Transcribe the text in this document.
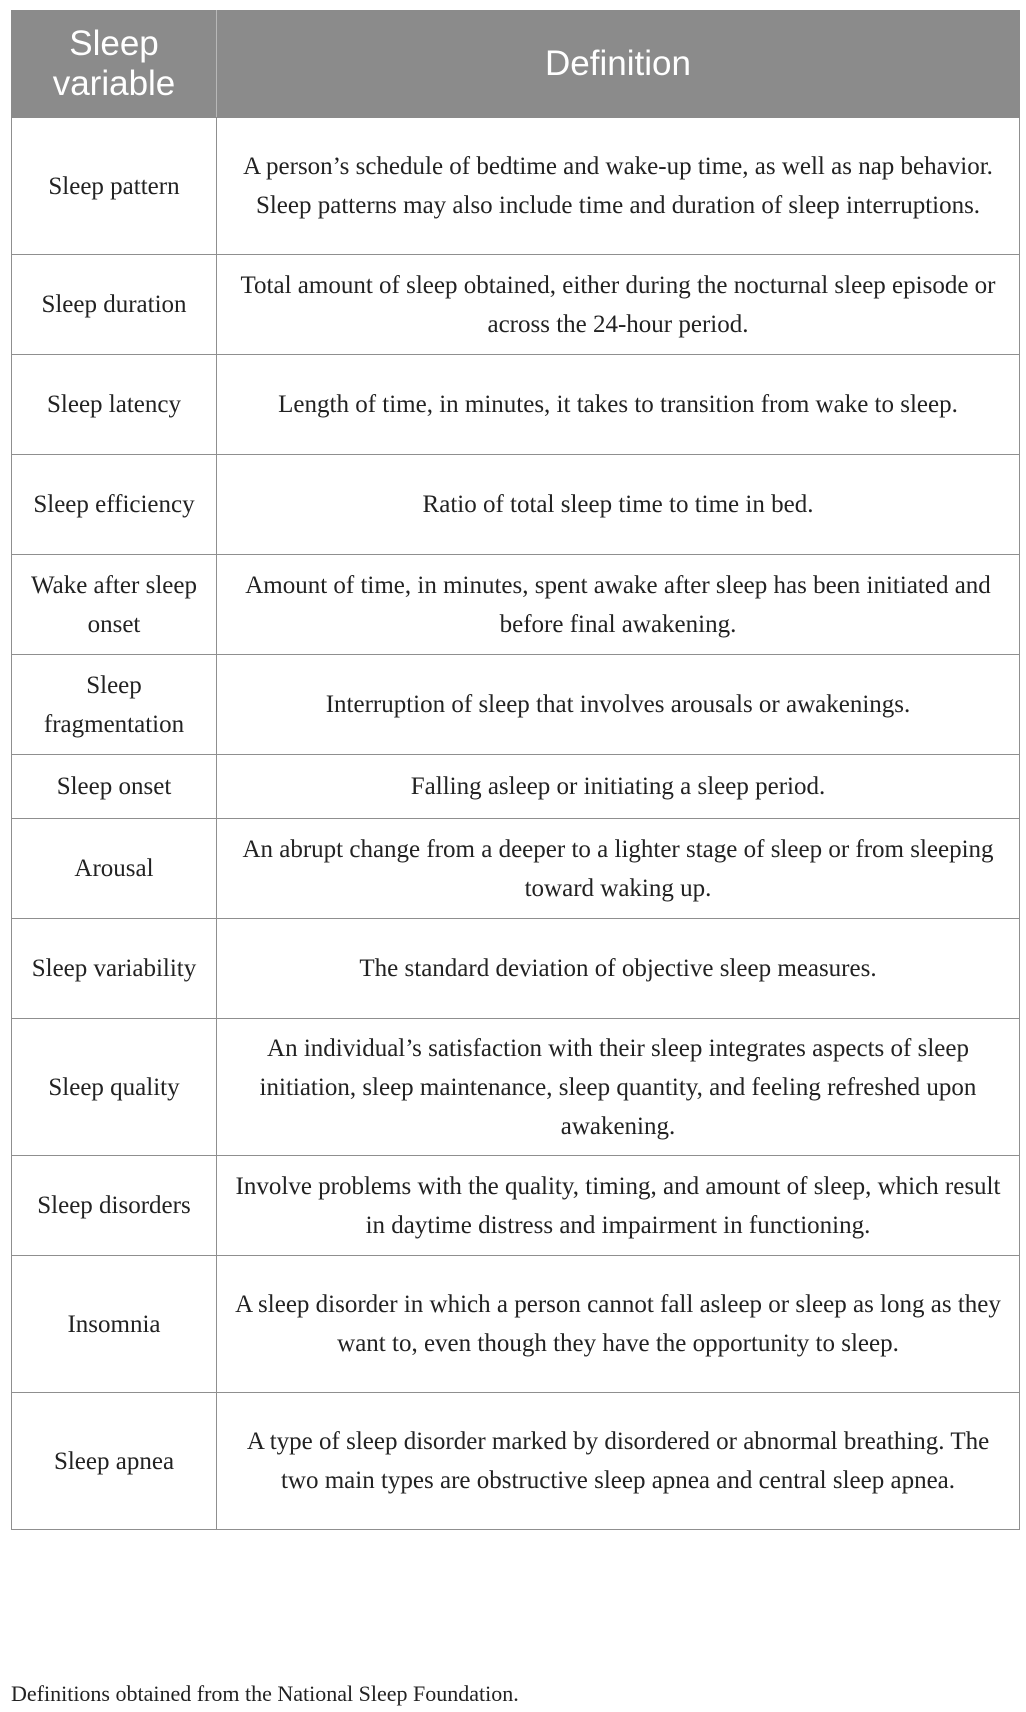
Sleep variable	Definition
Sleep pattern	A person’s schedule of bedtime and wake-up time, as well as nap behavior. Sleep patterns may also include time and duration of sleep interruptions.
Sleep duration	Total amount of sleep obtained, either during the nocturnal sleep episode or across the 24-hour period.
Sleep latency	Length of time, in minutes, it takes to transition from wake to sleep.
Sleep efficiency	Ratio of total sleep time to time in bed.
Wake after sleep onset	Amount of time, in minutes, spent awake after sleep has been initiated and before final awakening.
Sleep fragmentation	Interruption of sleep that involves arousals or awakenings.
Sleep onset	Falling asleep or initiating a sleep period.
Arousal	An abrupt change from a deeper to a lighter stage of sleep or from sleeping toward waking up.
Sleep variability	The standard deviation of objective sleep measures.
Sleep quality	An individual’s satisfaction with their sleep integrates aspects of sleep initiation, sleep maintenance, sleep quantity, and feeling refreshed upon awakening.
Sleep disorders	Involve problems with the quality, timing, and amount of sleep, which result in daytime distress and impairment in functioning.
Insomnia	A sleep disorder in which a person cannot fall asleep or sleep as long as they want to, even though they have the opportunity to sleep.
Sleep apnea	A type of sleep disorder marked by disordered or abnormal breathing. The two main types are obstructive sleep apnea and central sleep apnea.
Definitions obtained from the National Sleep Foundation.
